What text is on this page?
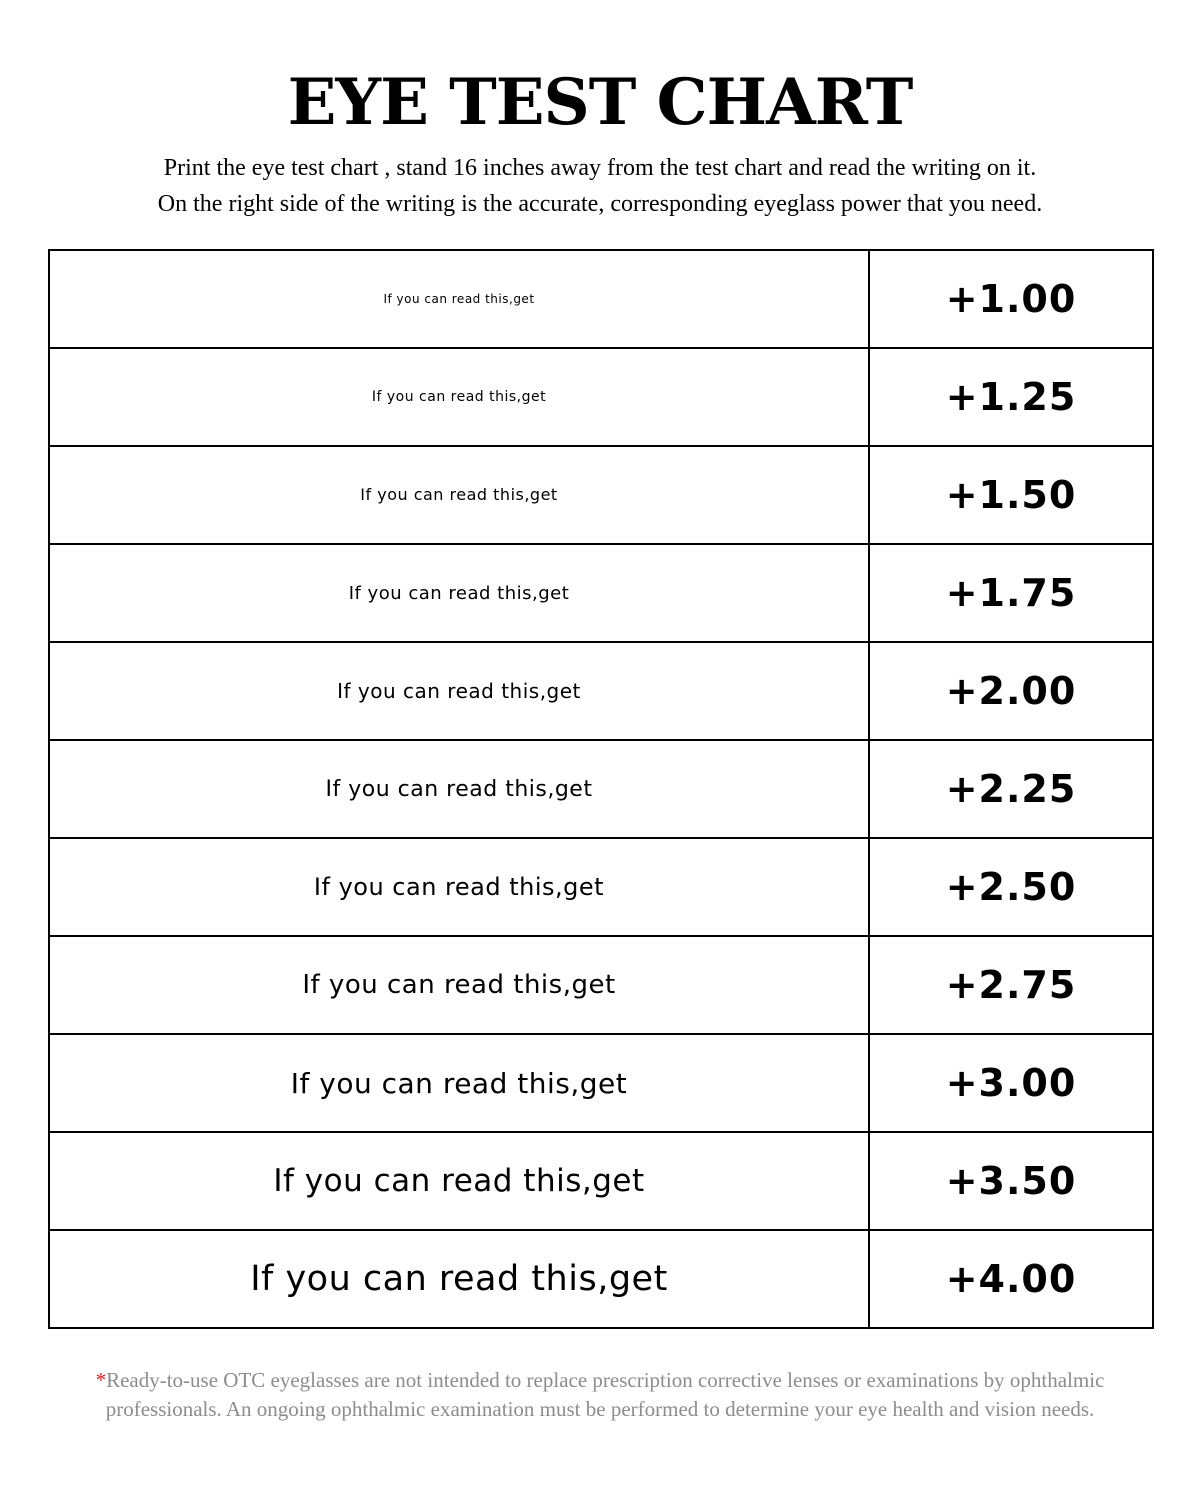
EYE TEST CHART

Print the eye test chart , stand 16 inches away from the test chart and read the writing on it.
On the right side of the writing is the accurate, corresponding eyeglass power that you need.

If you can read this,get	+1.00
If you can read this,get	+1.25
If you can read this,get	+1.50
If you can read this,get	+1.75
If you can read this,get	+2.00
If you can read this,get	+2.25
If you can read this,get	+2.50
If you can read this,get	+2.75
If you can read this,get	+3.00
If you can read this,get	+3.50
If you can read this,get	+4.00

*Ready-to-use OTC eyeglasses are not intended to replace prescription corrective lenses or examinations by ophthalmic professionals. An ongoing ophthalmic examination must be performed to determine your eye health and vision needs.
